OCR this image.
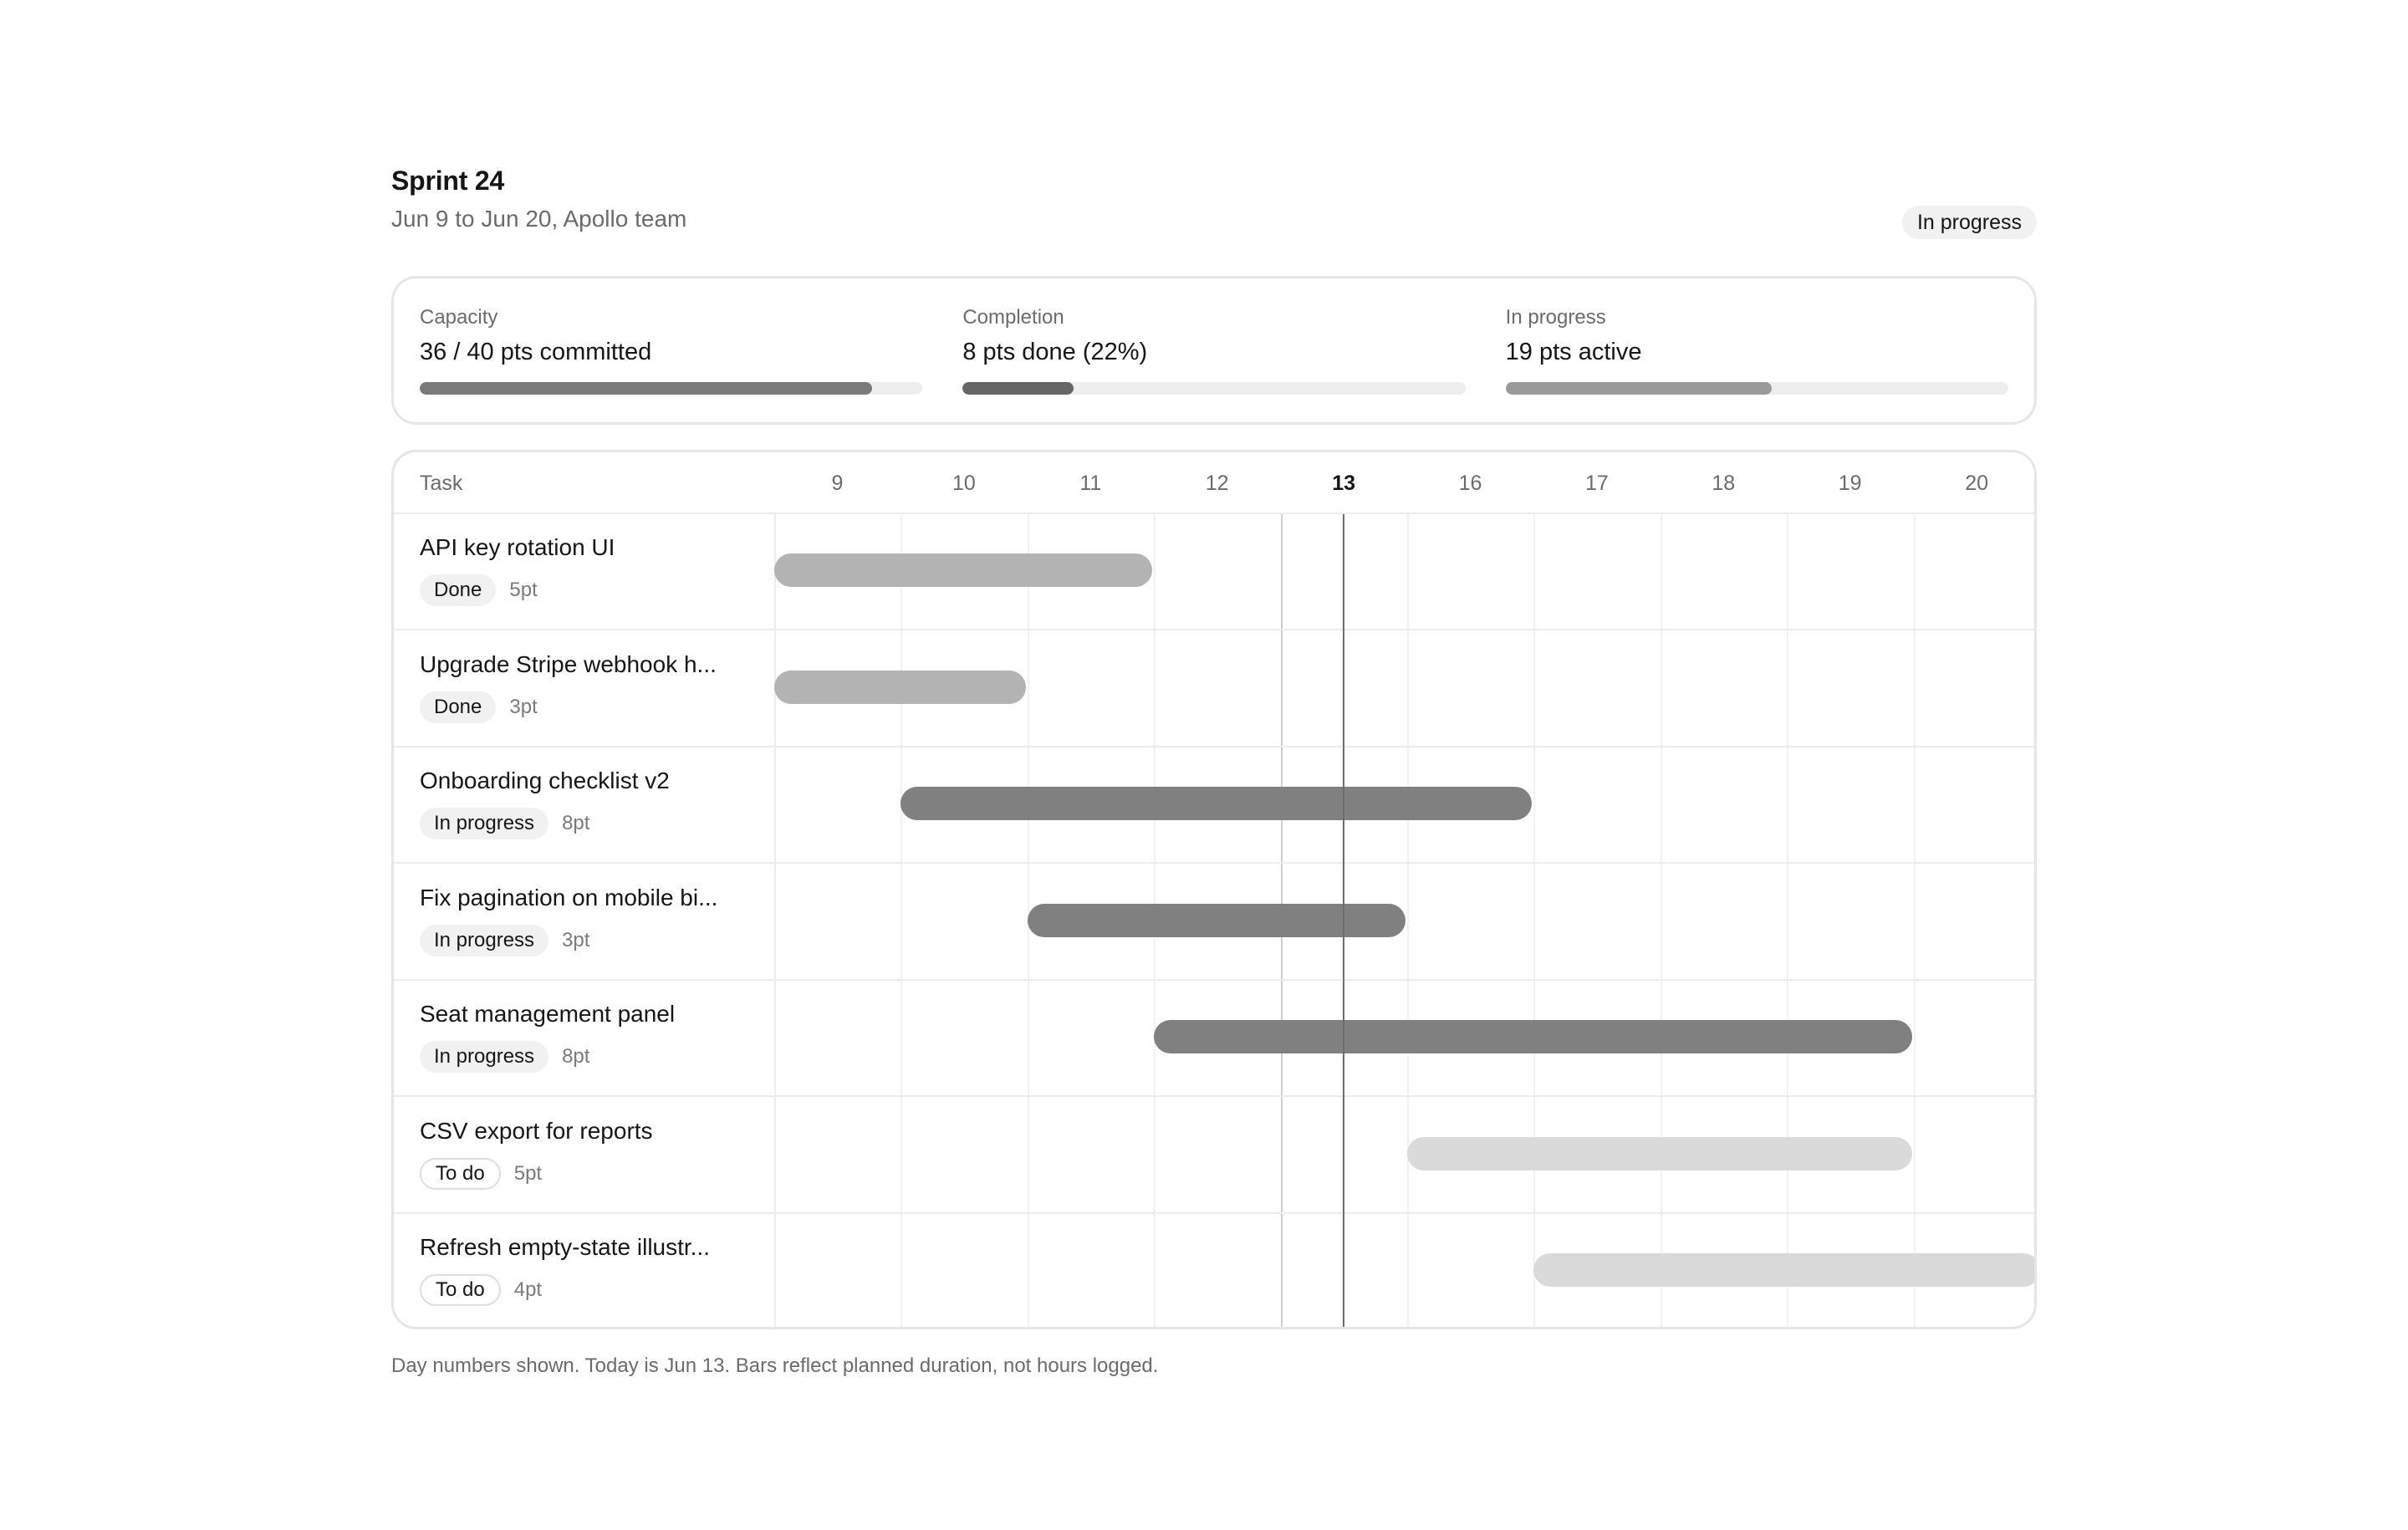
Sprint 24
Jun 9 to Jun 20, Apollo team	In progress
Capacity
36 / 40 pts committed
Completion
8 pts done (22%)
In progress
19 pts active
Task	9	10	11	12	13	16	17	18	19	20
API key rotation UI
Done	5pt
Upgrade Stripe webhook h...
Done	3pt
Onboarding checklist v2
In progress	8pt
Fix pagination on mobile bi...
In progress	3pt
Seat management panel
In progress	8pt
CSV export for reports
To do	5pt
Refresh empty-state illustr...
To do	4pt
Day numbers shown. Today is Jun 13. Bars reflect planned duration, not hours logged.
